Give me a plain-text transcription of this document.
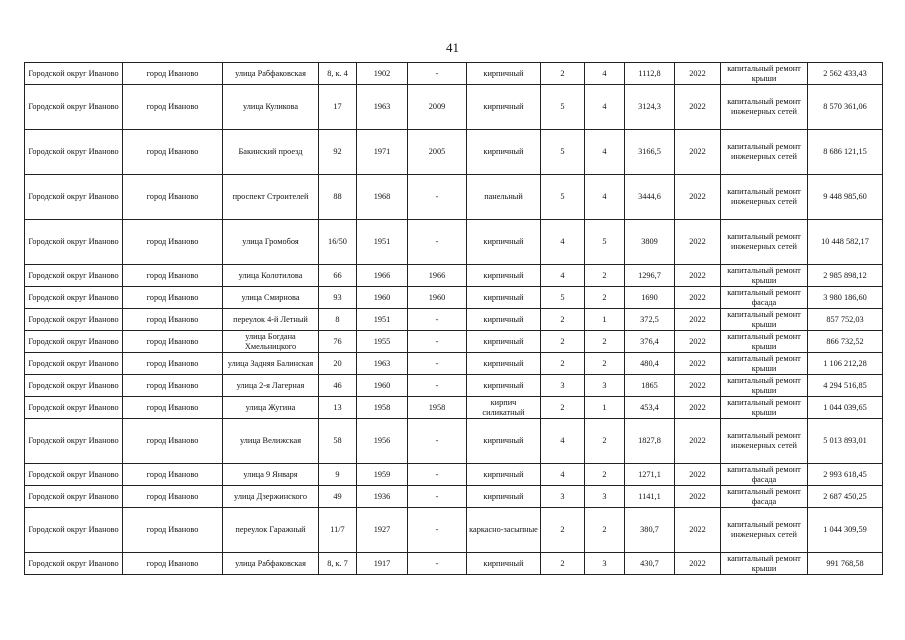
41
Городской округ Иваново	город Иваново	улица Рабфаковская	8, к. 4	1902	-	кирпичный	2	4	1112,8	2022	капитальный ремонт крыши	2 562 433,43
Городской округ Иваново	город Иваново	улица Куликова	17	1963	2009	кирпичный	5	4	3124,3	2022	капитальный ремонт инженерных сетей	8 570 361,06
Городской округ Иваново	город Иваново	Бакинский проезд	92	1971	2005	кирпичный	5	4	3166,5	2022	капитальный ремонт инженерных сетей	8 686 121,15
Городской округ Иваново	город Иваново	проспект Строителей	88	1968	-	панельный	5	4	3444,6	2022	капитальный ремонт инженерных сетей	9 448 985,60
Городской округ Иваново	город Иваново	улица Громобоя	16/50	1951	-	кирпичный	4	5	3809	2022	капитальный ремонт инженерных сетей	10 448 582,17
Городской округ Иваново	город Иваново	улица Колотилова	66	1966	1966	кирпичный	4	2	1296,7	2022	капитальный ремонт крыши	2 985 898,12
Городской округ Иваново	город Иваново	улица Смирнова	93	1960	1960	кирпичный	5	2	1690	2022	капитальный ремонт фасада	3 980 186,60
Городской округ Иваново	город Иваново	переулок 4-й Летный	8	1951	-	кирпичный	2	1	372,5	2022	капитальный ремонт крыши	857 752,03
Городской округ Иваново	город Иваново	улица Богдана Хмельницкого	76	1955	-	кирпичный	2	2	376,4	2022	капитальный ремонт крыши	866 732,52
Городской округ Иваново	город Иваново	улица Задняя Балинская	20	1963	-	кирпичный	2	2	480,4	2022	капитальный ремонт крыши	1 106 212,28
Городской округ Иваново	город Иваново	улица 2-я Лагерная	46	1960	-	кирпичный	3	3	1865	2022	капитальный ремонт крыши	4 294 516,85
Городской округ Иваново	город Иваново	улица Жугина	13	1958	1958	кирпич силикатный	2	1	453,4	2022	капитальный ремонт крыши	1 044 039,65
Городской округ Иваново	город Иваново	улица Велижская	58	1956	-	кирпичный	4	2	1827,8	2022	капитальный ремонт инженерных сетей	5 013 893,01
Городской округ Иваново	город Иваново	улица 9 Января	9	1959	-	кирпичный	4	2	1271,1	2022	капитальный ремонт фасада	2 993 618,45
Городской округ Иваново	город Иваново	улица Дзержинского	49	1936	-	кирпичный	3	3	1141,1	2022	капитальный ремонт фасада	2 687 450,25
Городской округ Иваново	город Иваново	переулок Гаражный	11/7	1927	-	каркасно-засыпные	2	2	380,7	2022	капитальный ремонт инженерных сетей	1 044 309,59
Городской округ Иваново	город Иваново	улица Рабфаковская	8, к. 7	1917	-	кирпичный	2	3	430,7	2022	капитальный ремонт крыши	991 768,58
